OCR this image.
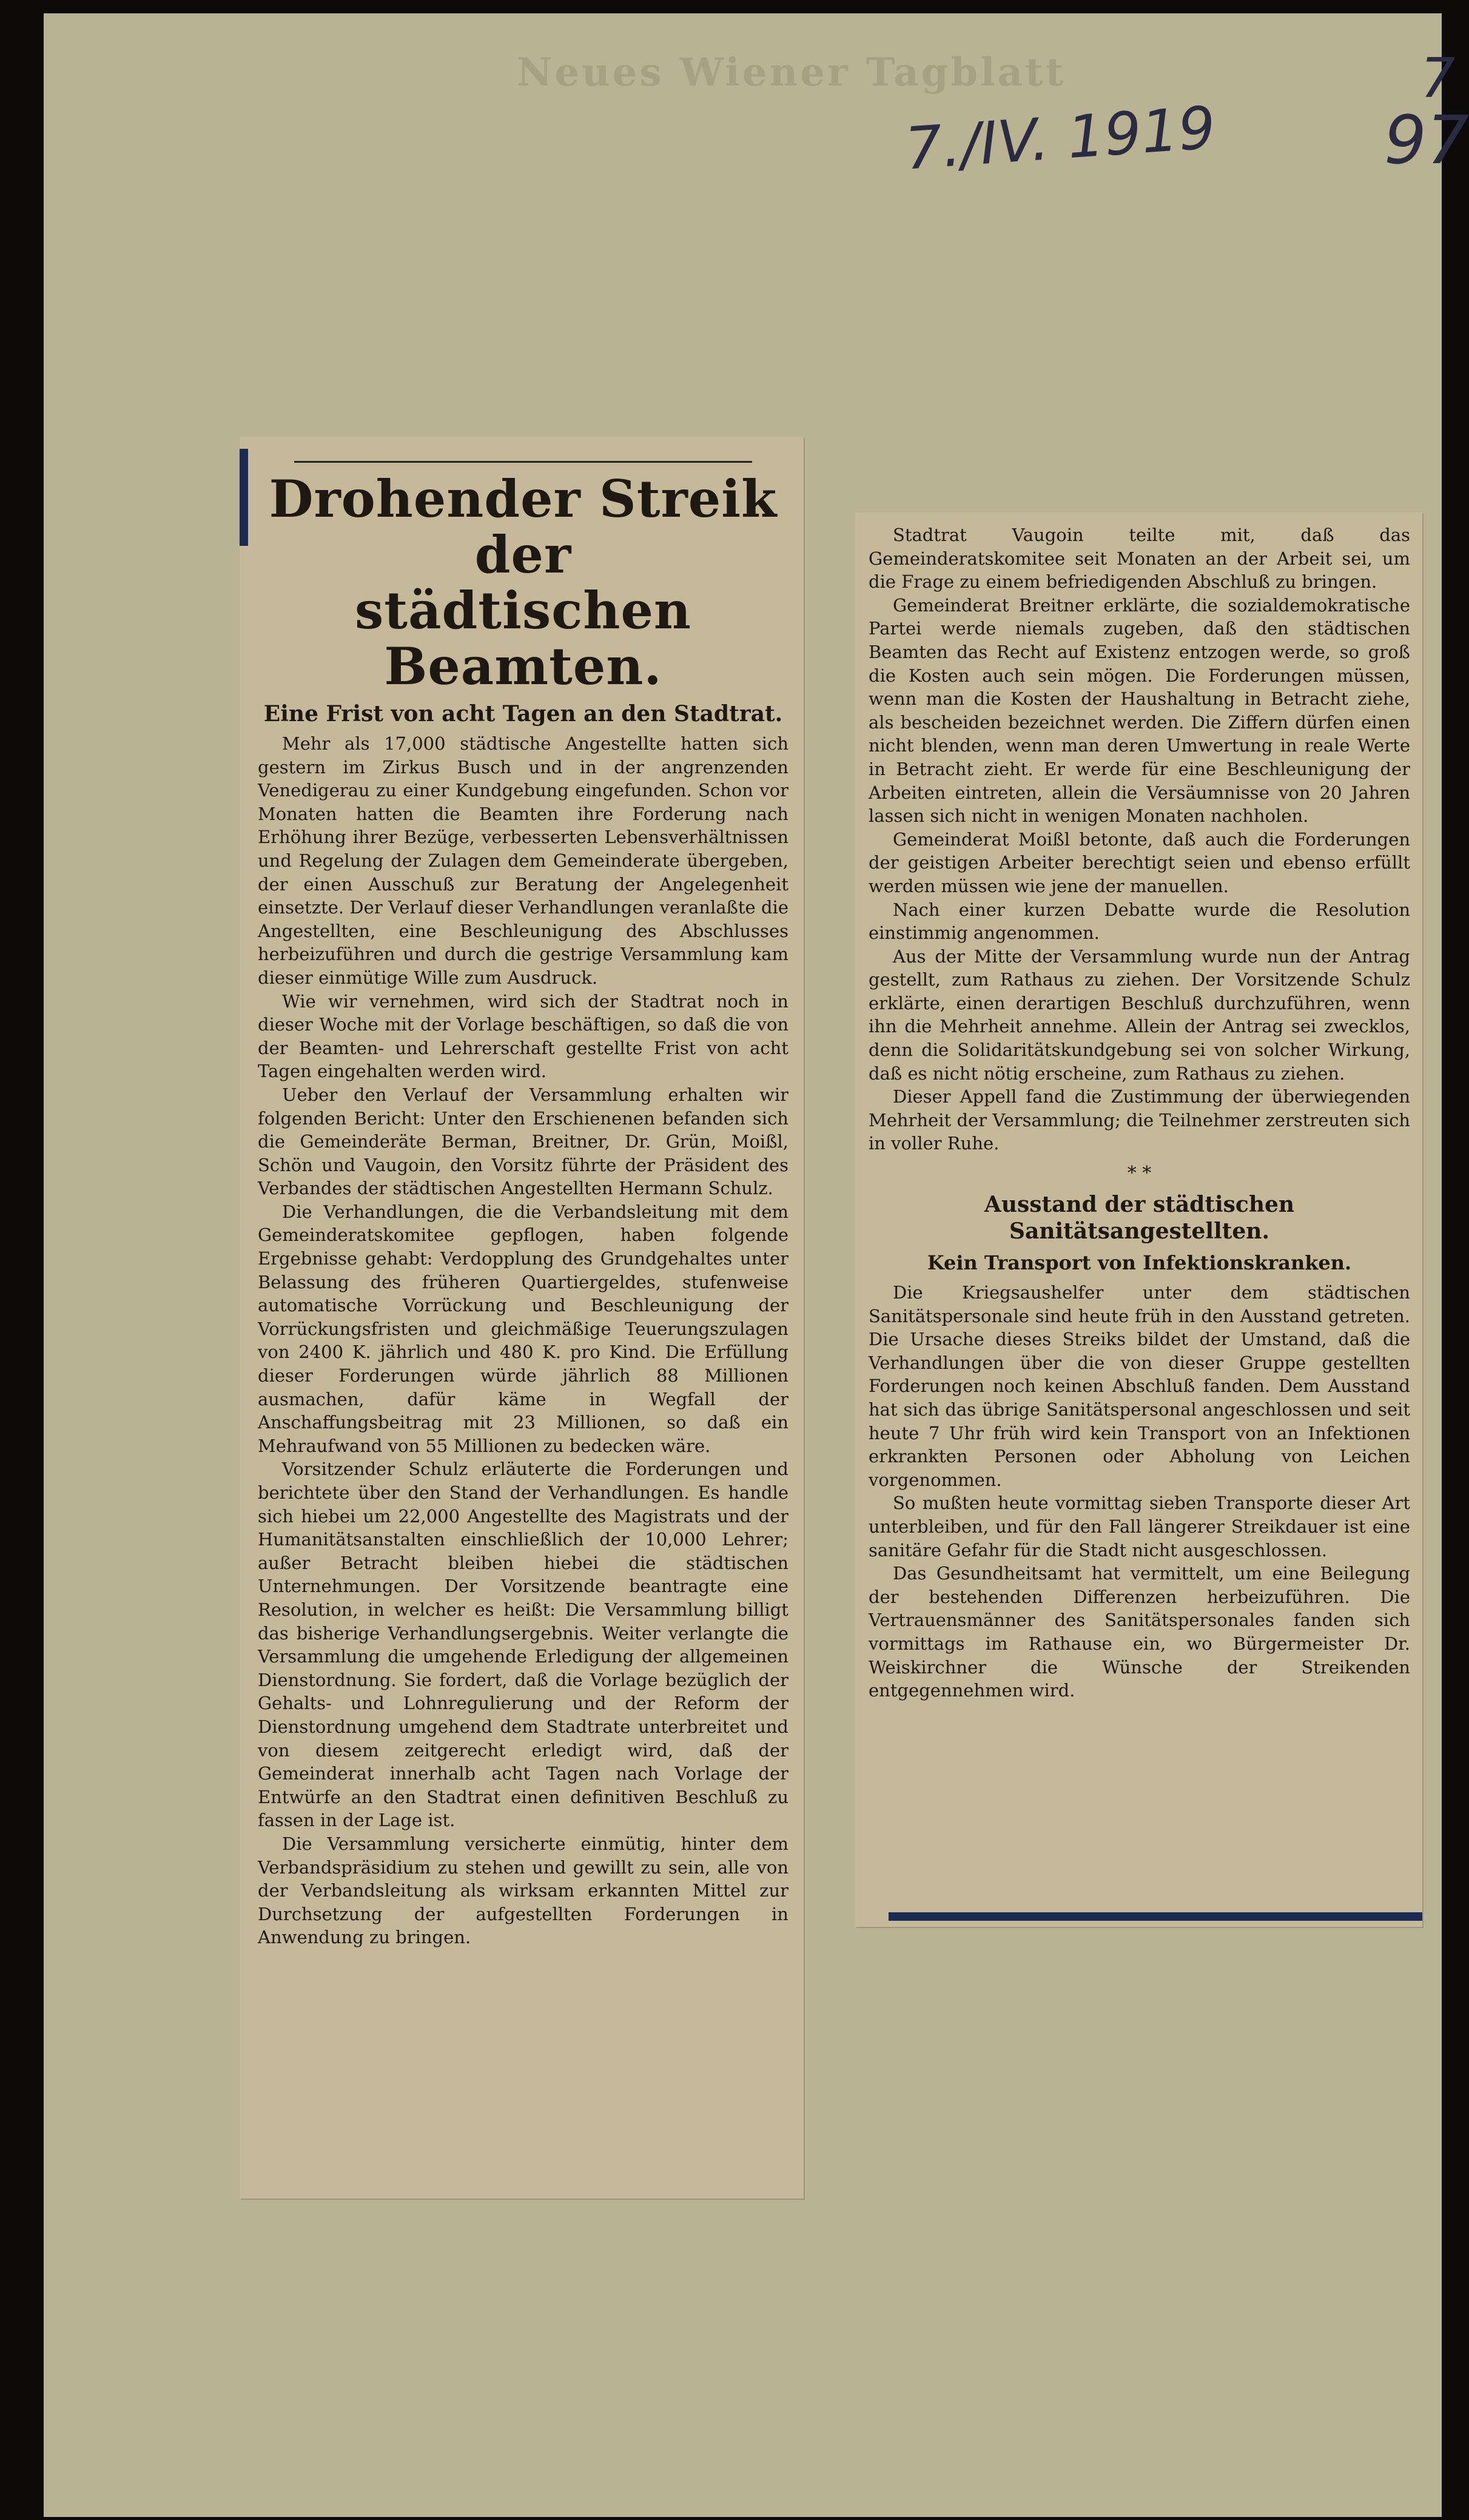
Neues Wiener Tagblatt	7
97
7./IV. 1919
Drohender Streik der
städtischen Beamten.
Eine Frist von acht Tagen an den Stadtrat.

Mehr als 17,000 städtische Angestellte hatten sich gestern im Zirkus Busch und in der angrenzenden Venedigerau zu einer Kundgebung eingefunden. Schon vor Monaten hatten die Beamten ihre Forderung nach Erhöhung ihrer Bezüge, verbesserten Lebensverhältnissen und Regelung der Zulagen dem Gemeinderate übergeben, der einen Ausschuß zur Beratung der Angelegenheit einsetzte. Der Verlauf dieser Verhandlungen veranlaßte die Angestellten, eine Beschleunigung des Abschlusses herbeizuführen und durch die gestrige Versammlung kam dieser einmütige Wille zum Ausdruck.

Wie wir vernehmen, wird sich der Stadtrat noch in dieser Woche mit der Vorlage beschäftigen, so daß die von der Beamten- und Lehrerschaft gestellte Frist von acht Tagen eingehalten werden wird.

Ueber den Verlauf der Versammlung erhalten wir folgenden Bericht: Unter den Erschienenen befanden sich die Gemeinderäte Berman, Breitner, Dr. Grün, Moißl, Schön und Vaugoin, den Vorsitz führte der Präsident des Verbandes der städtischen Angestellten Hermann Schulz.

Die Verhandlungen, die die Verbandsleitung mit dem Gemeinderatskomitee gepflogen, haben folgende Ergebnisse gehabt: Verdopplung des Grundgehaltes unter Belassung des früheren Quartiergeldes, stufenweise automatische Vorrückung und Beschleunigung der Vorrückungsfristen und gleichmäßige Teuerungszulagen von 2400 K. jährlich und 480 K. pro Kind. Die Erfüllung dieser Forderungen würde jährlich 88 Millionen ausmachen, dafür käme in Wegfall der Anschaffungsbeitrag mit 23 Millionen, so daß ein Mehraufwand von 55 Millionen zu bedecken wäre.

Vorsitzender Schulz erläuterte die Forderungen und berichtete über den Stand der Verhandlungen. Es handle sich hiebei um 22,000 Angestellte des Magistrats und der Humanitätsanstalten einschließlich der 10,000 Lehrer; außer Betracht bleiben hiebei die städtischen Unternehmungen. Der Vorsitzende beantragte eine Resolution, in welcher es heißt: Die Versammlung billigt das bisherige Verhandlungsergebnis. Weiter verlangte die Versammlung die umgehende Erledigung der allgemeinen Dienstordnung. Sie fordert, daß die Vorlage bezüglich der Gehalts- und Lohnregulierung und der Reform der Dienstordnung umgehend dem Stadtrate unterbreitet und von diesem zeitgerecht erledigt wird, daß der Gemeinderat innerhalb acht Tagen nach Vorlage der Entwürfe an den Stadtrat einen definitiven Beschluß zu fassen in der Lage ist.

Die Versammlung versicherte einmütig, hinter dem Verbandspräsidium zu stehen und gewillt zu sein, alle von der Verbandsleitung als wirksam erkannten Mittel zur Durchsetzung der aufgestellten Forderungen in Anwendung zu bringen.

Stadtrat Vaugoin teilte mit, daß das Gemeinderatskomitee seit Monaten an der Arbeit sei, um die Frage zu einem befriedigenden Abschluß zu bringen.

Gemeinderat Breitner erklärte, die sozialdemokratische Partei werde niemals zugeben, daß den städtischen Beamten das Recht auf Existenz entzogen werde, so groß die Kosten auch sein mögen. Die Forderungen müssen, wenn man die Kosten der Haushaltung in Betracht ziehe, als bescheiden bezeichnet werden. Die Ziffern dürfen einen nicht blenden, wenn man deren Umwertung in reale Werte in Betracht zieht. Er werde für eine Beschleunigung der Arbeiten eintreten, allein die Versäumnisse von 20 Jahren lassen sich nicht in wenigen Monaten nachholen.

Gemeinderat Moißl betonte, daß auch die Forderungen der geistigen Arbeiter berechtigt seien und ebenso erfüllt werden müssen wie jene der manuellen.

Nach einer kurzen Debatte wurde die Resolution einstimmig angenommen.

Aus der Mitte der Versammlung wurde nun der Antrag gestellt, zum Rathaus zu ziehen. Der Vorsitzende Schulz erklärte, einen derartigen Beschluß durchzuführen, wenn ihn die Mehrheit annehme. Allein der Antrag sei zwecklos, denn die Solidaritätskundgebung sei von solcher Wirkung, daß es nicht nötig erscheine, zum Rathaus zu ziehen.

Dieser Appell fand die Zustimmung der überwiegenden Mehrheit der Versammlung; die Teilnehmer zerstreuten sich in voller Ruhe.

* *
Ausstand der städtischen Sanitätsangestellten.
Kein Transport von Infektionskranken.

Die Kriegsaushelfer unter dem städtischen Sanitätspersonale sind heute früh in den Ausstand getreten. Die Ursache dieses Streiks bildet der Umstand, daß die Verhandlungen über die von dieser Gruppe gestellten Forderungen noch keinen Abschluß fanden. Dem Ausstand hat sich das übrige Sanitätspersonal angeschlossen und seit heute 7 Uhr früh wird kein Transport von an Infektionen erkrankten Personen oder Abholung von Leichen vorgenommen.

So mußten heute vormittag sieben Transporte dieser Art unterbleiben, und für den Fall längerer Streikdauer ist eine sanitäre Gefahr für die Stadt nicht ausgeschlossen.

Das Gesundheitsamt hat vermittelt, um eine Beilegung der bestehenden Differenzen herbeizuführen. Die Vertrauensmänner des Sanitätspersonales fanden sich vormittags im Rathause ein, wo Bürgermeister Dr. Weiskirchner die Wünsche der Streikenden entgegennehmen wird.
